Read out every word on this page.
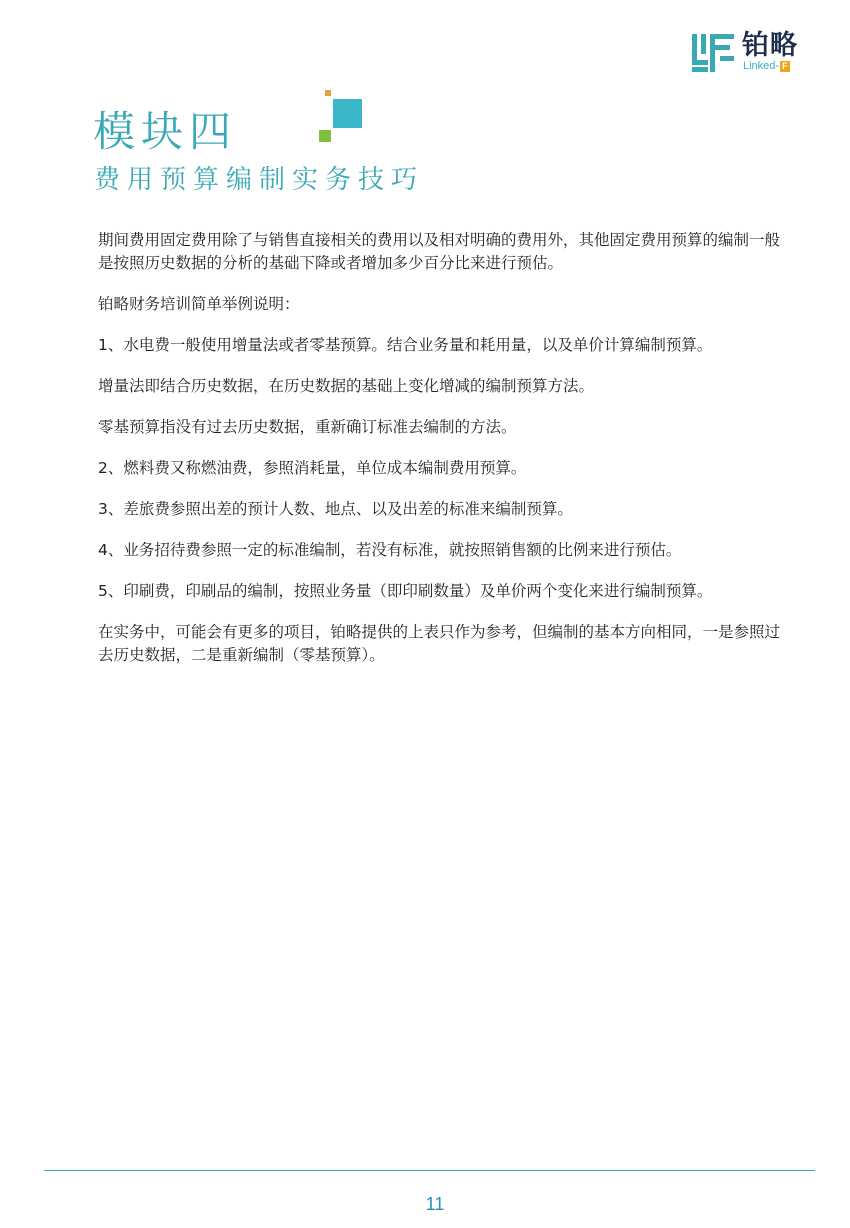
铂略
Linked- F
模块四
费用预算编制实务技巧

期间费用固定费用除了与销售直接相关的费用以及相对明确的费用外，其他固定费用预算的编制一般是按照历史数据的分析的基础下降或者增加多少百分比来进行预估。

铂略财务培训简单举例说明：

1、水电费一般使用增量法或者零基预算。结合业务量和耗用量，以及单价计算编制预算。

增量法即结合历史数据，在历史数据的基础上变化增减的编制预算方法。

零基预算指没有过去历史数据，重新确订标准去编制的方法。

2、燃料费又称燃油费，参照消耗量，单位成本编制费用预算。

3、差旅费参照出差的预计人数、地点、以及出差的标准来编制预算。

4、业务招待费参照一定的标准编制，若没有标准，就按照销售额的比例来进行预估。

5、印刷费，印刷品的编制，按照业务量（即印刷数量）及单价两个变化来进行编制预算。

在实务中，可能会有更多的项目，铂略提供的上表只作为参考，但编制的基本方向相同，一是参照过去历史数据，二是重新编制（零基预算）。

11
